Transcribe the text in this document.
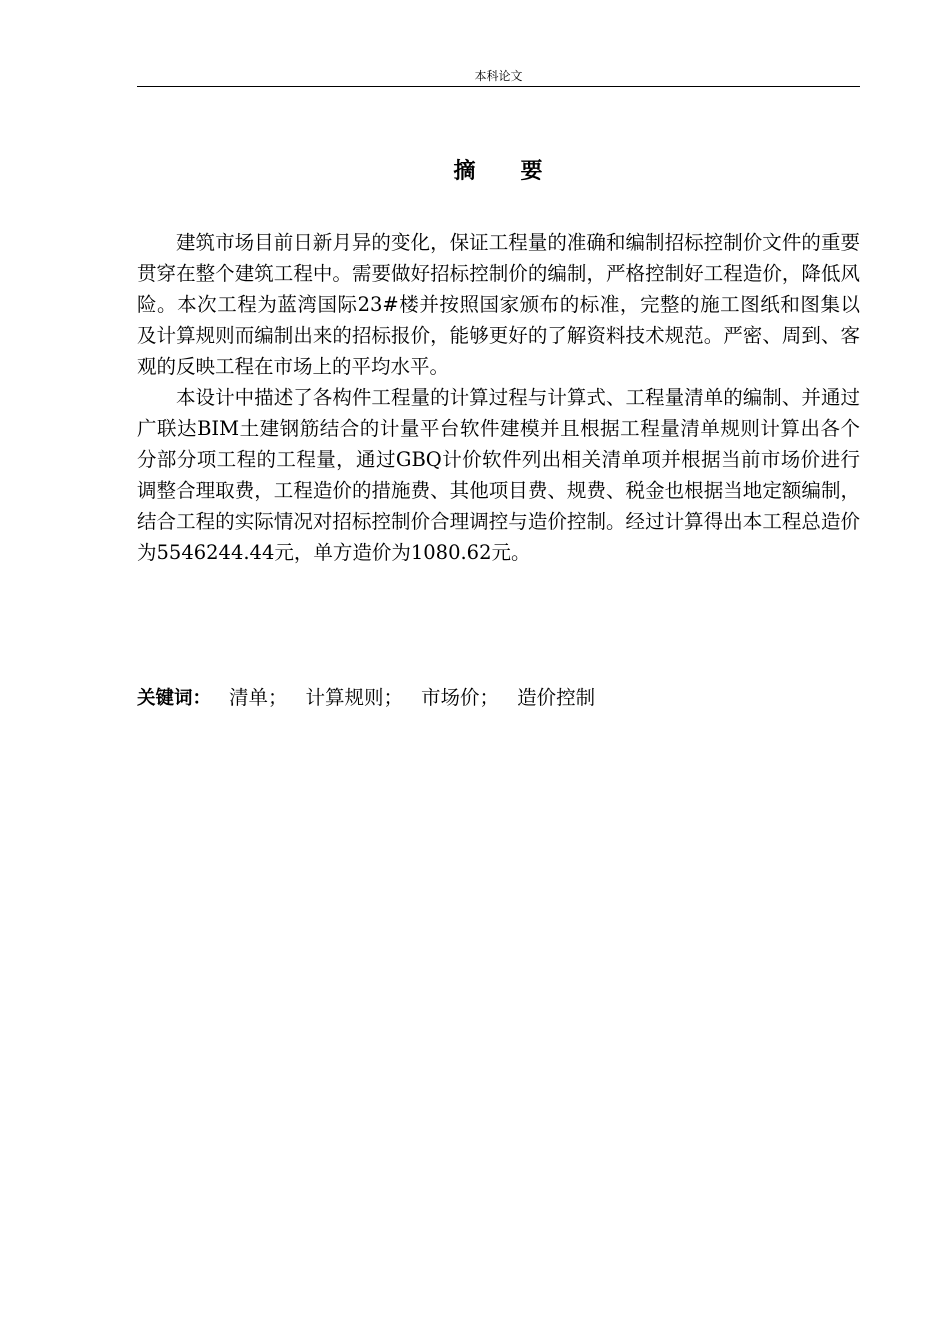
本科论文
摘 要

建筑市场目前日新月异的变化，保证工程量的准确和编制招标控制价文件的重要贯穿在整个建筑工程中。需要做好招标控制价的编制，严格控制好工程造价，降低风险。本次工程为蓝湾国际23#楼并按照国家颁布的标准，完整的施工图纸和图集以及计算规则而编制出来的招标报价，能够更好的了解资料技术规范。严密、周到、客观的反映工程在市场上的平均水平。

本设计中描述了各构件工程量的计算过程与计算式、工程量清单的编制、并通过广联达BIM土建钢筋结合的计量平台软件建模并且根据工程量清单规则计算出各个分部分项工程的工程量，通过GBQ计价软件列出相关清单项并根据当前市场价进行调整合理取费，工程造价的措施费、其他项目费、规费、税金也根据当地定额编制，结合工程的实际情况对招标控制价合理调控与造价控制。经过计算得出本工程总造价为5546244.44元，单方造价为1080.62元。

关键词： 清单； 计算规则； 市场价； 造价控制
